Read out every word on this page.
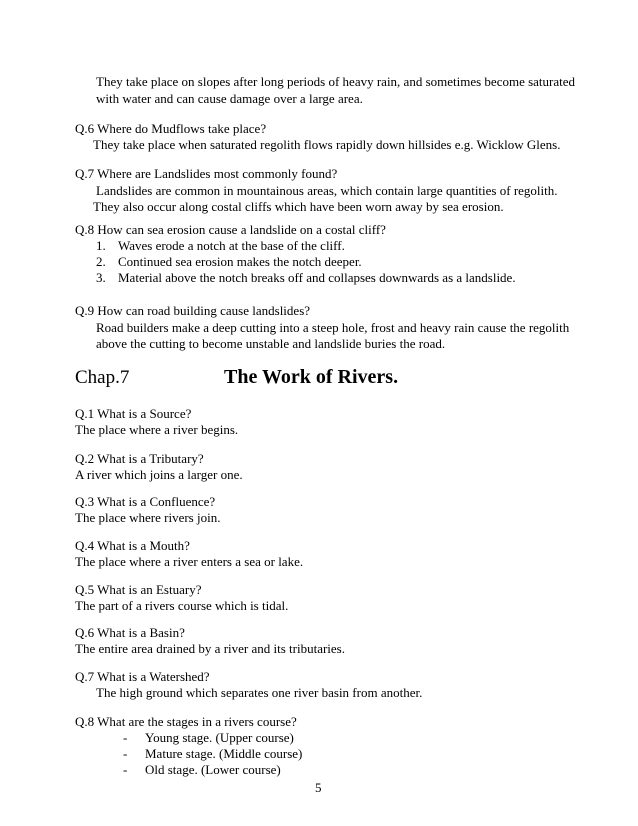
They take place on slopes after long periods of heavy rain, and sometimes become saturated
with water and can cause damage over a large area.
Q.6 Where do Mudflows take place?
They take place when saturated regolith flows rapidly down hillsides e.g. Wicklow Glens.
Q.7 Where are Landslides most commonly found?
Landslides are common in mountainous areas, which contain large quantities of regolith.
They also occur along costal cliffs which have been worn away by sea erosion.
Q.8 How can sea erosion cause a landslide on a costal cliff?
1. Waves erode a notch at the base of the cliff.
2. Continued sea erosion makes the notch deeper.
3. Material above the notch breaks off and collapses downwards as a landslide.
Q.9 How can road building cause landslides?
Road builders make a deep cutting into a steep hole, frost and heavy rain cause the regolith
above the cutting to become unstable and landslide buries the road.
Chap.7	The Work of Rivers.
Q.1 What is a Source?
The place where a river begins.
Q.2 What is a Tributary?
A river which joins a larger one.
Q.3 What is a Confluence?
The place where rivers join.
Q.4 What is a Mouth?
The place where a river enters a sea or lake.
Q.5 What is an Estuary?
The part of a rivers course which is tidal.
Q.6 What is a Basin?
The entire area drained by a river and its tributaries.
Q.7 What is a Watershed?
The high ground which separates one river basin from another.
Q.8 What are the stages in a rivers course?
- Young stage. (Upper course)
- Mature stage. (Middle course)
- Old stage. (Lower course)
5
